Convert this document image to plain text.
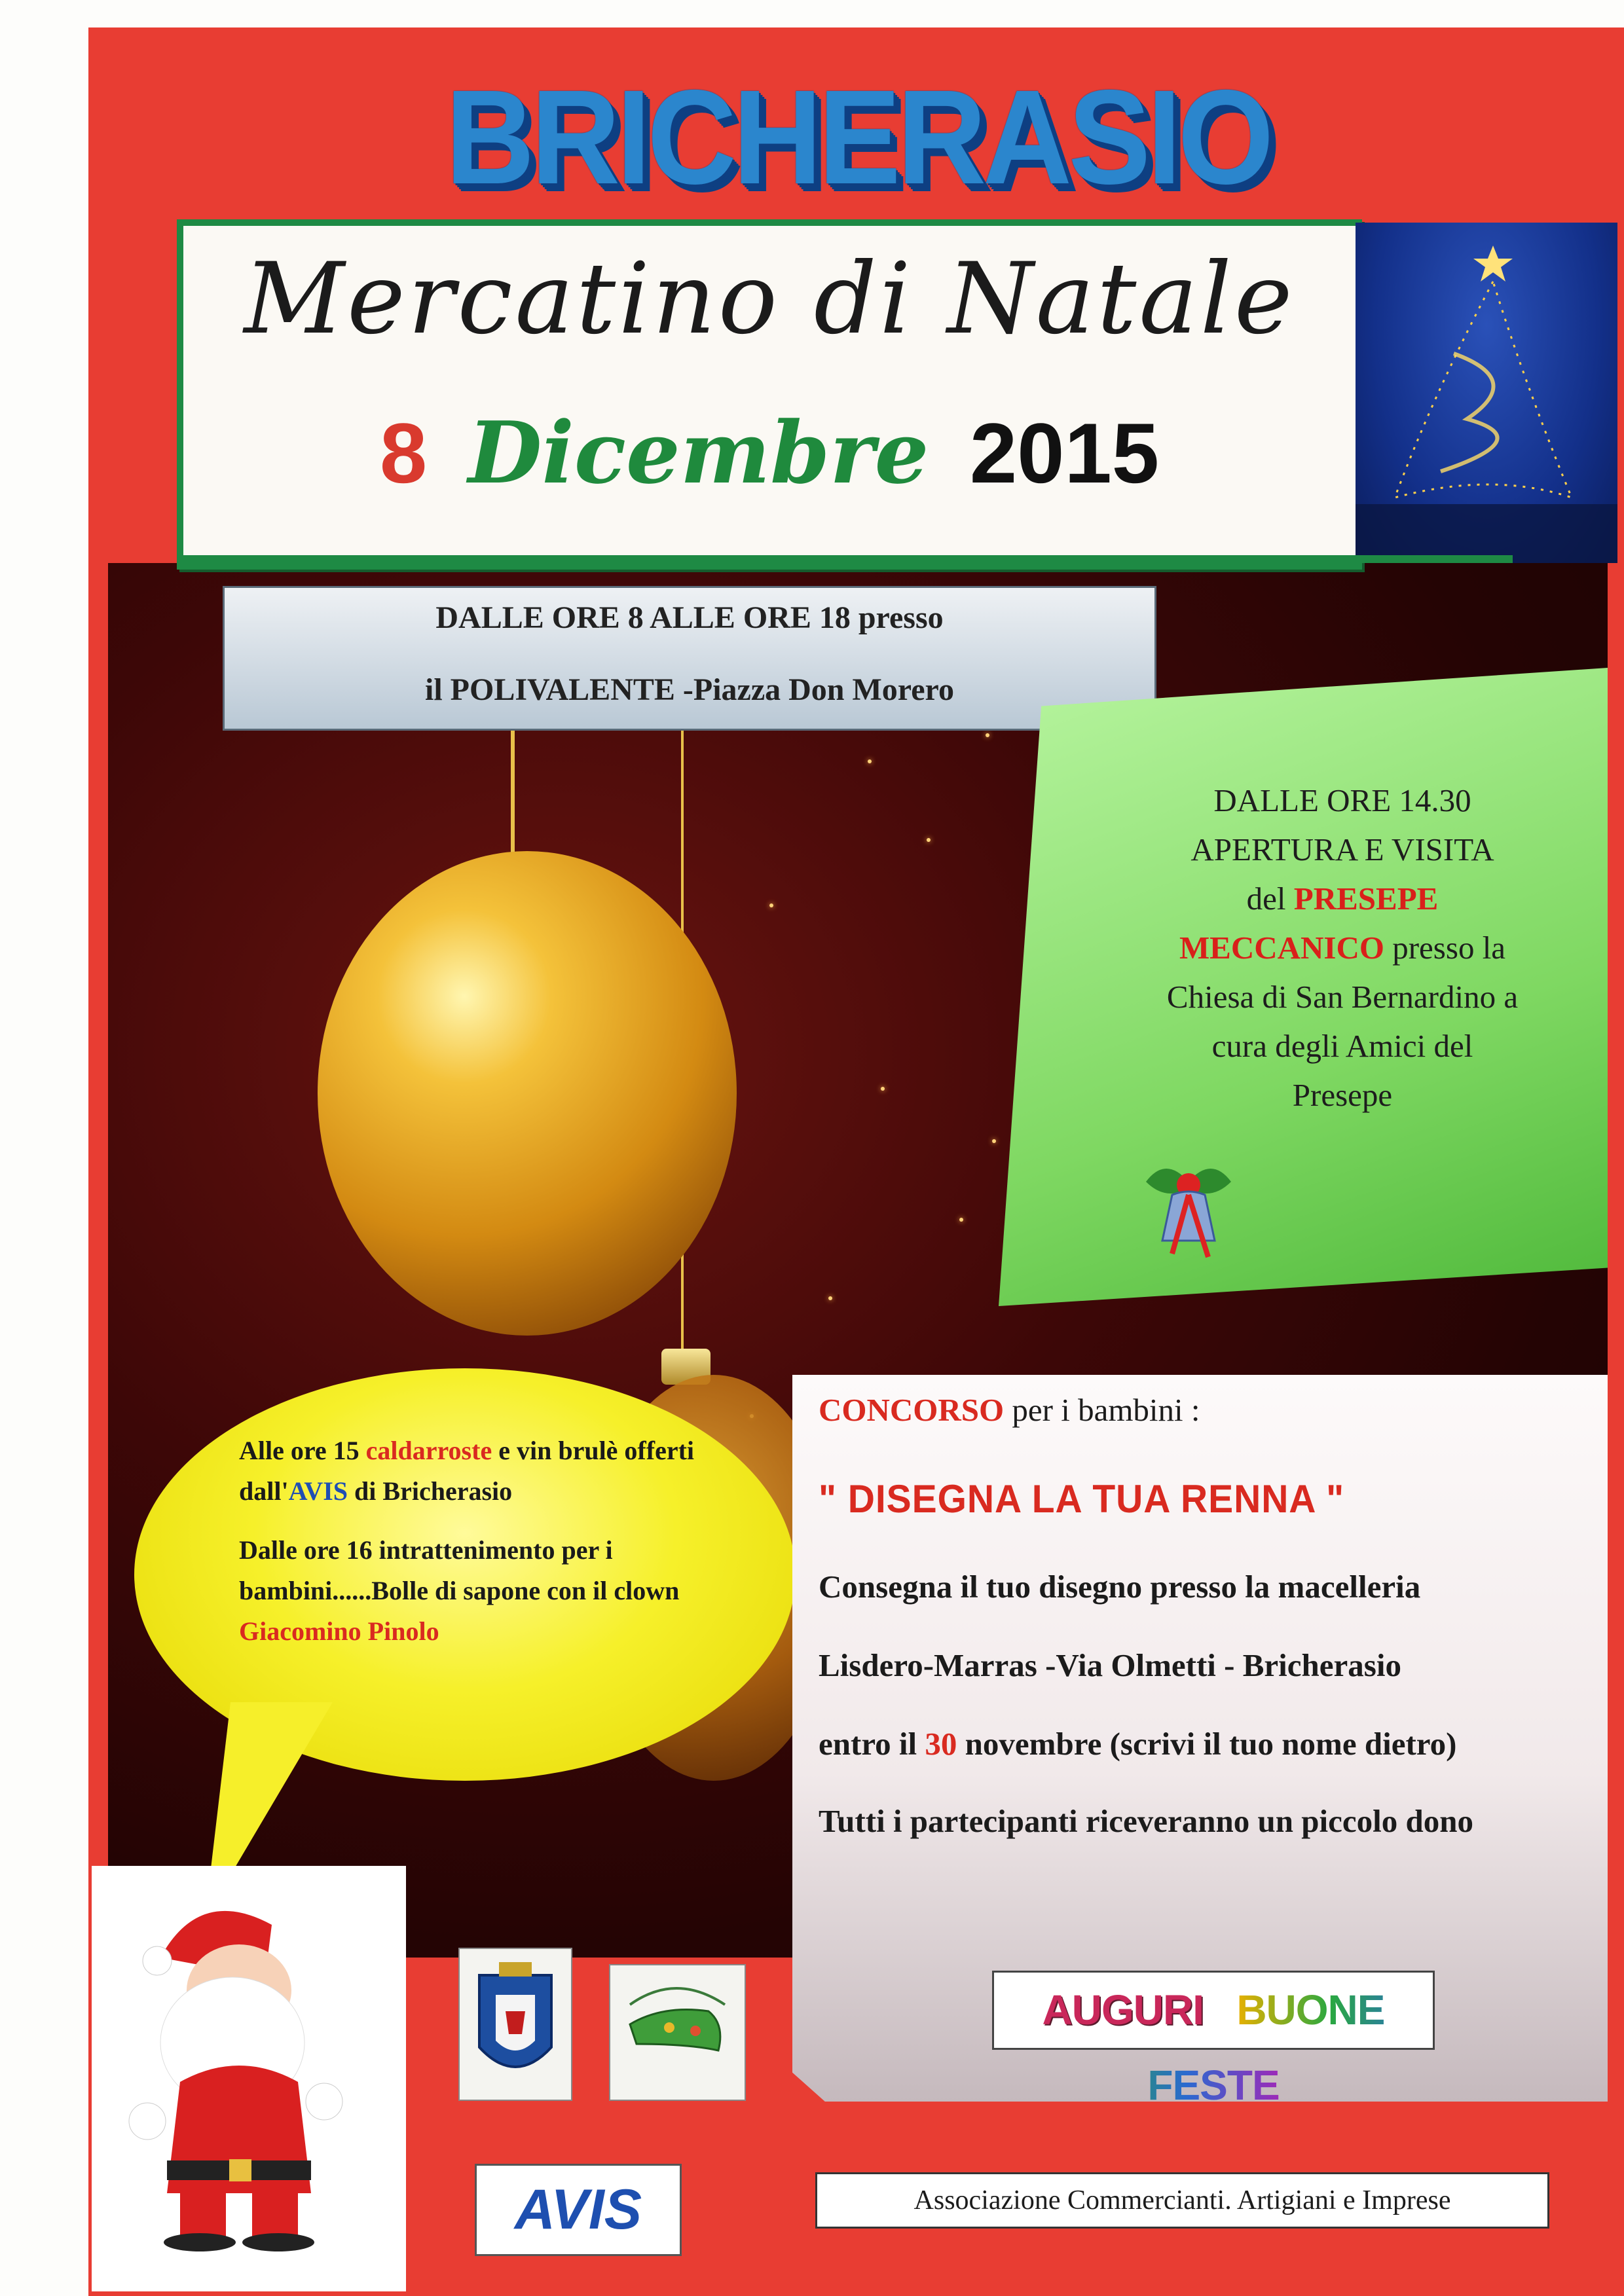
BRICHERASIO
Mercatino di Natale
8 Dicembre 2015
DALLE ORE 8 ALLE ORE 18 presso
il POLIVALENTE -Piazza Don Morero
DALLE ORE 14.30
APERTURA E VISITA
del PRESEPE
MECCANICO presso la
Chiesa di San Bernardino a
cura degli Amici del
Presepe

Alle ore 15 caldarroste e vin brulè offerti dall'AVIS di Bricherasio

Dalle ore 16 intrattenimento per i bambini......Bolle di sapone con il clown Giacomino Pinolo

CONCORSO per i bambini :
" DISEGNA LA TUA RENNA "
Consegna il tuo disegno presso la macelleria
Lisdero-Marras -Via Olmetti - Bricherasio
entro il 30 novembre (scrivi il tuo nome dietro)
Tutti i partecipanti riceveranno un piccolo dono
AUGURI BUONE FESTE
AVIS	Associazione Commercianti. Artigiani e Imprese
